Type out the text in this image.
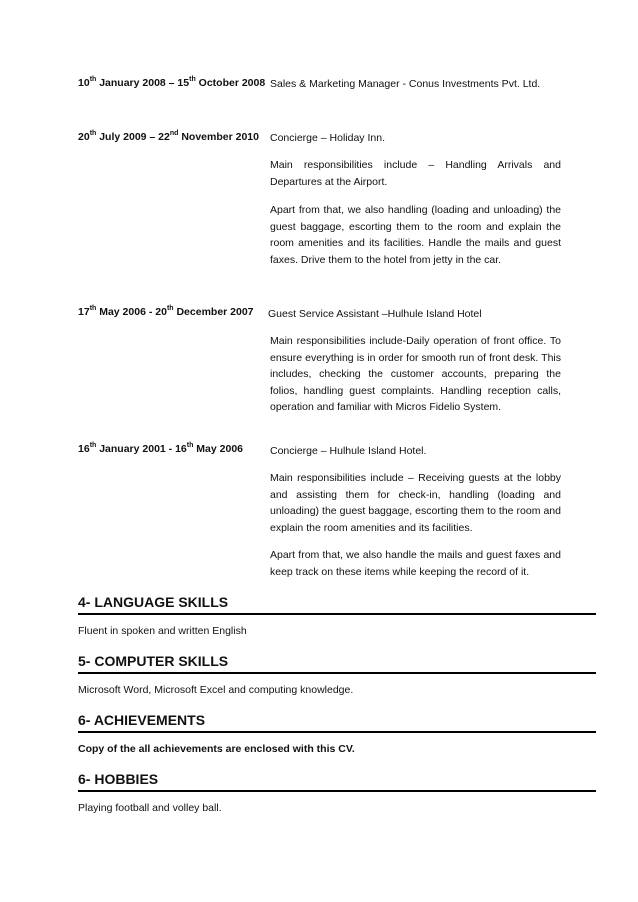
10th January 2008 – 15th October 2008 Sales & Marketing Manager - Conus Investments Pvt. Ltd.
20th July 2009 – 22nd November 2010 Concierge – Holiday Inn.
Main responsibilities include – Handling Arrivals and Departures at the Airport.
Apart from that, we also handling (loading and unloading) the guest baggage, escorting them to the room and explain the room amenities and its facilities. Handle the mails and guest faxes. Drive them to the hotel from jetty in the car.
17th May 2006 - 20th December 2007 Guest Service Assistant –Hulhule Island Hotel
Main responsibilities include-Daily operation of front office. To ensure everything is in order for smooth run of front desk. This includes, checking the customer accounts, preparing the folios, handling guest complaints. Handling reception calls, operation and familiar with Micros Fidelio System.
16th January 2001 - 16th May 2006	Concierge – Hulhule Island Hotel.
Main responsibilities include – Receiving guests at the lobby and assisting them for check-in, handling (loading and unloading) the guest baggage, escorting them to the room and explain the room amenities and its facilities.
Apart from that, we also handle the mails and guest faxes and keep track on these items while keeping the record of it.
4- LANGUAGE SKILLS
Fluent in spoken and written English
5- COMPUTER SKILLS
Microsoft Word, Microsoft Excel and computing knowledge.
6- ACHIEVEMENTS
Copy of the all achievements are enclosed with this CV.
6- HOBBIES
Playing football and volley ball.
